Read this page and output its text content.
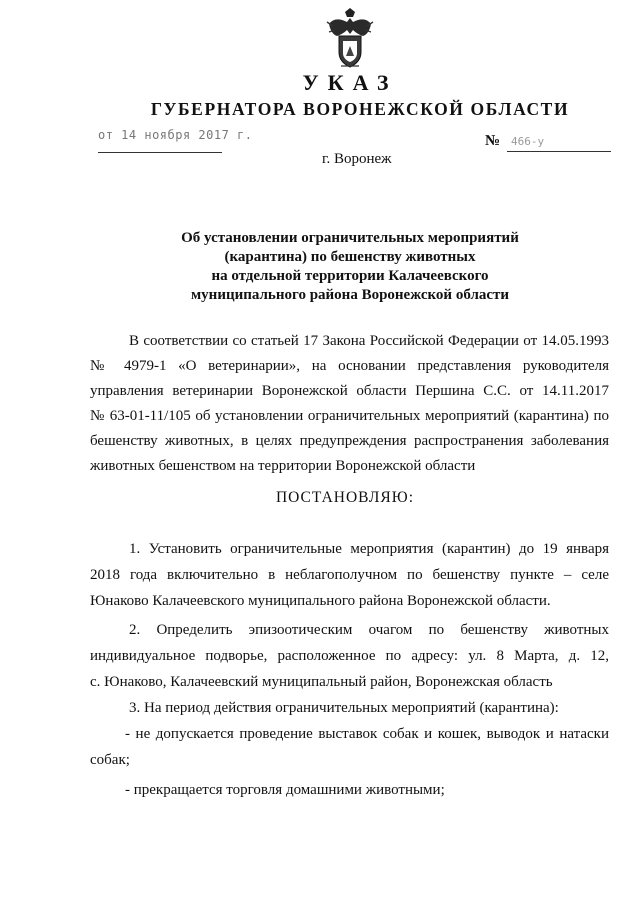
УКАЗ
ГУБЕРНАТОРА ВОРОНЕЖСКОЙ ОБЛАСТИ
от 14 ноября 2017 г.	№ 466-у
г. Воронеж
Об установлении ограничительных мероприятий
(карантина) по бешенству животных
на отдельной территории Калачеевского
муниципального района Воронежской области
В соответствии со статьей 17 Закона Российской Федерации от 14.05.1993
№ 4979-1 «О ветеринарии», на основании представления руководителя
управления ветеринарии Воронежской области Першина С.С. от 14.11.2017
№ 63-01-11/105 об установлении ограничительных мероприятий (карантина) по
бешенству животных, в целях предупреждения распространения заболевания
животных бешенством на территории Воронежской области
ПОСТАНОВЛЯЮ:
1. Установить ограничительные мероприятия (карантин) до 19 января
2018 года включительно в неблагополучном по бешенству пункте – селе
Юнаково Калачеевского муниципального района Воронежской области.
2. Определить эпизоотическим очагом по бешенству животных
индивидуальное подворье, расположенное по адресу: ул. 8 Марта, д. 12,
с. Юнаково, Калачеевский муниципальный район, Воронежская область
3. На период действия ограничительных мероприятий (карантина):
- не допускается проведение выставок собак и кошек, выводок и натаски
собак;
- прекращается торговля домашними животными;
